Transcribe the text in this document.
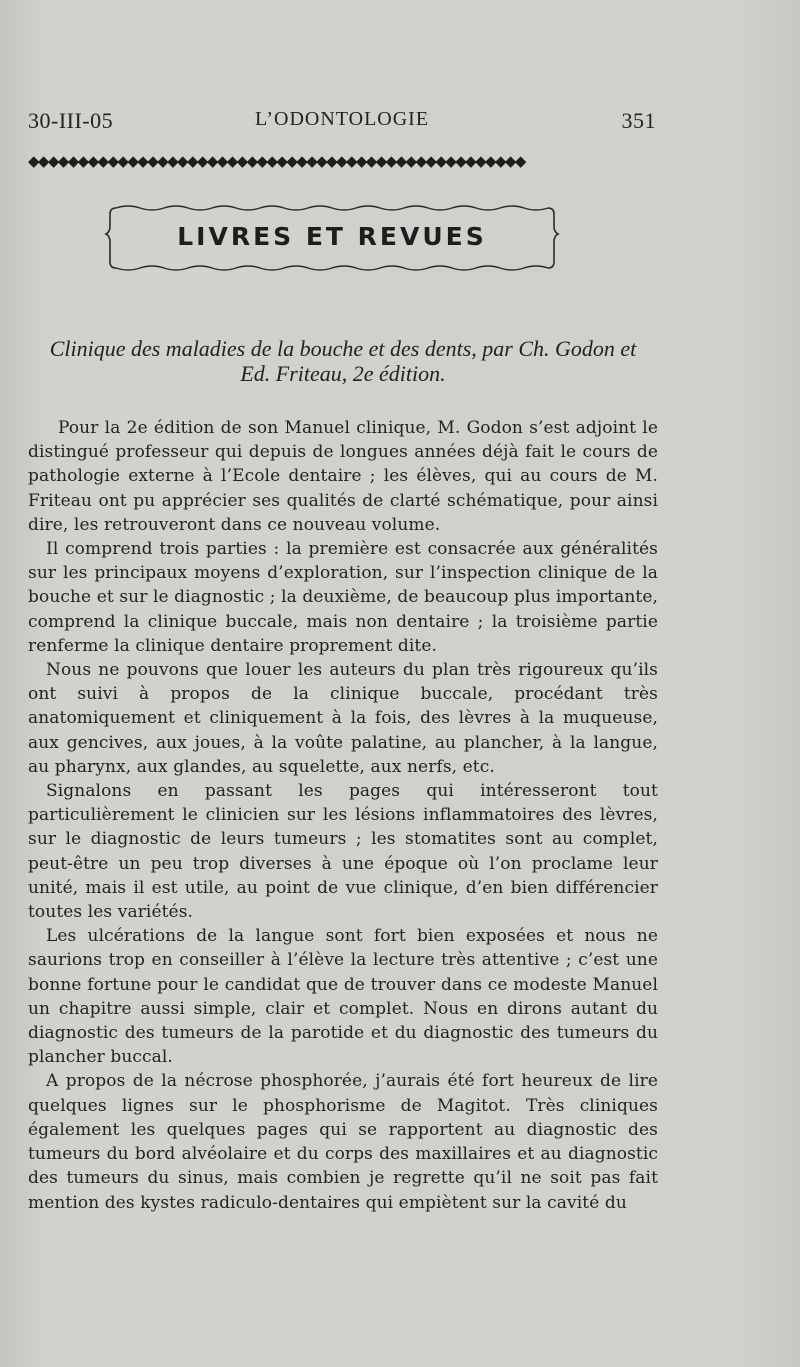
30-III-05	L’ODONTOLOGIE	351
◆◆◆◆◆◆◆◆◆◆◆◆◆◆◆◆◆◆◆◆◆◆◆◆◆◆◆◆◆◆◆◆◆◆◆◆◆◆◆◆◆◆◆◆◆◆◆◆◆◆
LIVRES ET REVUES
Clinique des maladies de la bouche et des dents, par Ch. Godon et
Ed. Friteau, 2e édition.

Pour la 2e édition de son Manuel clinique, M. Godon s’est adjoint le distingué professeur qui depuis de longues années déjà fait le cours de pathologie externe à l’Ecole dentaire ; les élèves, qui au cours de M. Friteau ont pu apprécier ses qualités de clarté schématique, pour ainsi dire, les retrouveront dans ce nouveau volume.

Il comprend trois parties : la première est consacrée aux généralités sur les principaux moyens d’exploration, sur l’inspection clinique de la bouche et sur le diagnostic ; la deuxième, de beaucoup plus importante, comprend la clinique buccale, mais non dentaire ; la troisième partie renferme la clinique dentaire proprement dite.

Nous ne pouvons que louer les auteurs du plan très rigoureux qu’ils ont suivi à propos de la clinique buccale, procédant très anatomiquement et cliniquement à la fois, des lèvres à la muqueuse, aux gencives, aux joues, à la voûte palatine, au plancher, à la langue, au pharynx, aux glandes, au squelette, aux nerfs, etc.

Signalons en passant les pages qui intéresseront tout particulièrement le clinicien sur les lésions inflammatoires des lèvres, sur le diagnostic de leurs tumeurs ; les stomatites sont au complet, peut-être un peu trop diverses à une époque où l’on proclame leur unité, mais il est utile, au point de vue clinique, d’en bien différencier toutes les variétés.

Les ulcérations de la langue sont fort bien exposées et nous ne saurions trop en conseiller à l’élève la lecture très attentive ; c’est une bonne fortune pour le candidat que de trouver dans ce modeste Manuel un chapitre aussi simple, clair et complet. Nous en dirons autant du diagnostic des tumeurs de la parotide et du diagnostic des tumeurs du plancher buccal.

A propos de la nécrose phosphorée, j’aurais été fort heureux de lire quelques lignes sur le phosphorisme de Magitot. Très cliniques également les quelques pages qui se rapportent au diagnostic des tumeurs du bord alvéolaire et du corps des maxillaires et au diagnostic des tumeurs du sinus, mais combien je regrette qu’il ne soit pas fait mention des kystes radiculo-dentaires qui empiètent sur la cavité du
